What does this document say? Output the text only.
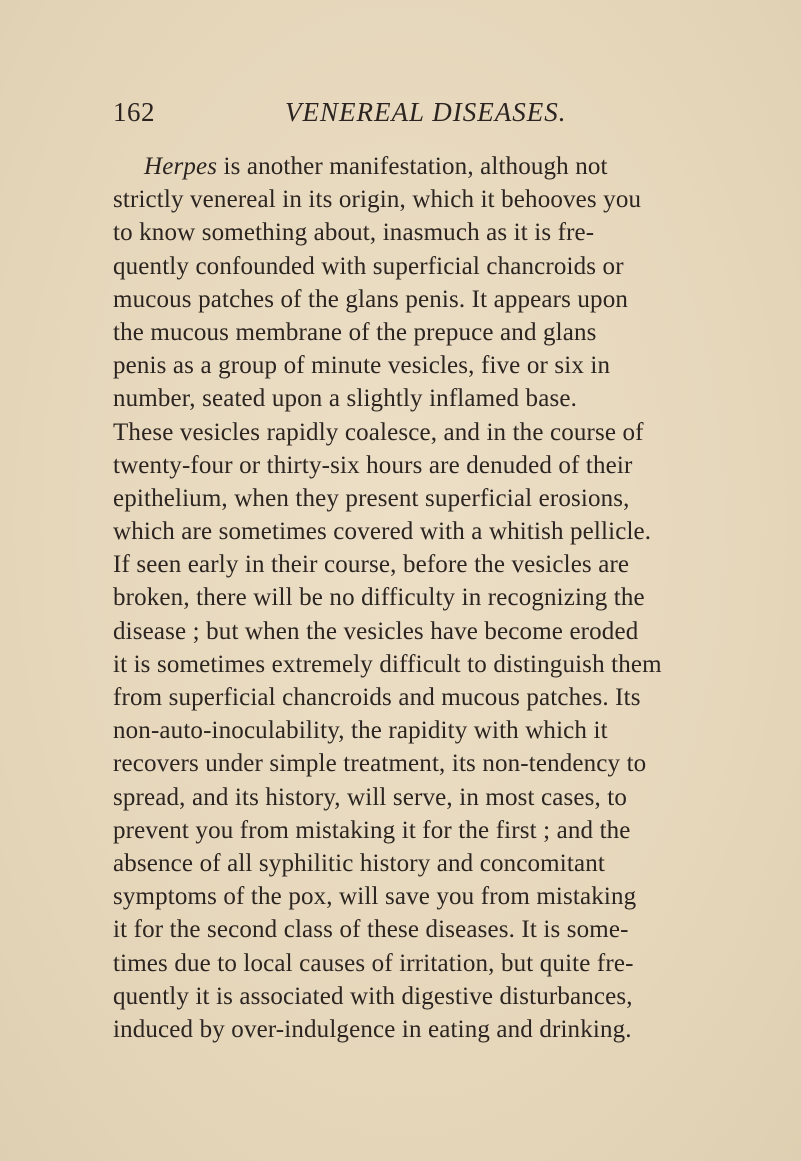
162	VENEREAL DISEASES.
Herpes is another manifestation, although not
strictly venereal in its origin, which it behooves you
to know something about, inasmuch as it is fre-
quently confounded with superficial chancroids or
mucous patches of the glans penis. It appears upon
the mucous membrane of the prepuce and glans
penis as a group of minute vesicles, five or six in
number, seated upon a slightly inflamed base.
These vesicles rapidly coalesce, and in the course of
twenty-four or thirty-six hours are denuded of their
epithelium, when they present superficial erosions,
which are sometimes covered with a whitish pellicle.
If seen early in their course, before the vesicles are
broken, there will be no difficulty in recognizing the
disease ; but when the vesicles have become eroded
it is sometimes extremely difficult to distinguish them
from superficial chancroids and mucous patches. Its
non-auto-inoculability, the rapidity with which it
recovers under simple treatment, its non-tendency to
spread, and its history, will serve, in most cases, to
prevent you from mistaking it for the first ; and the
absence of all syphilitic history and concomitant
symptoms of the pox, will save you from mistaking
it for the second class of these diseases. It is some-
times due to local causes of irritation, but quite fre-
quently it is associated with digestive disturbances,
induced by over-indulgence in eating and drinking.
